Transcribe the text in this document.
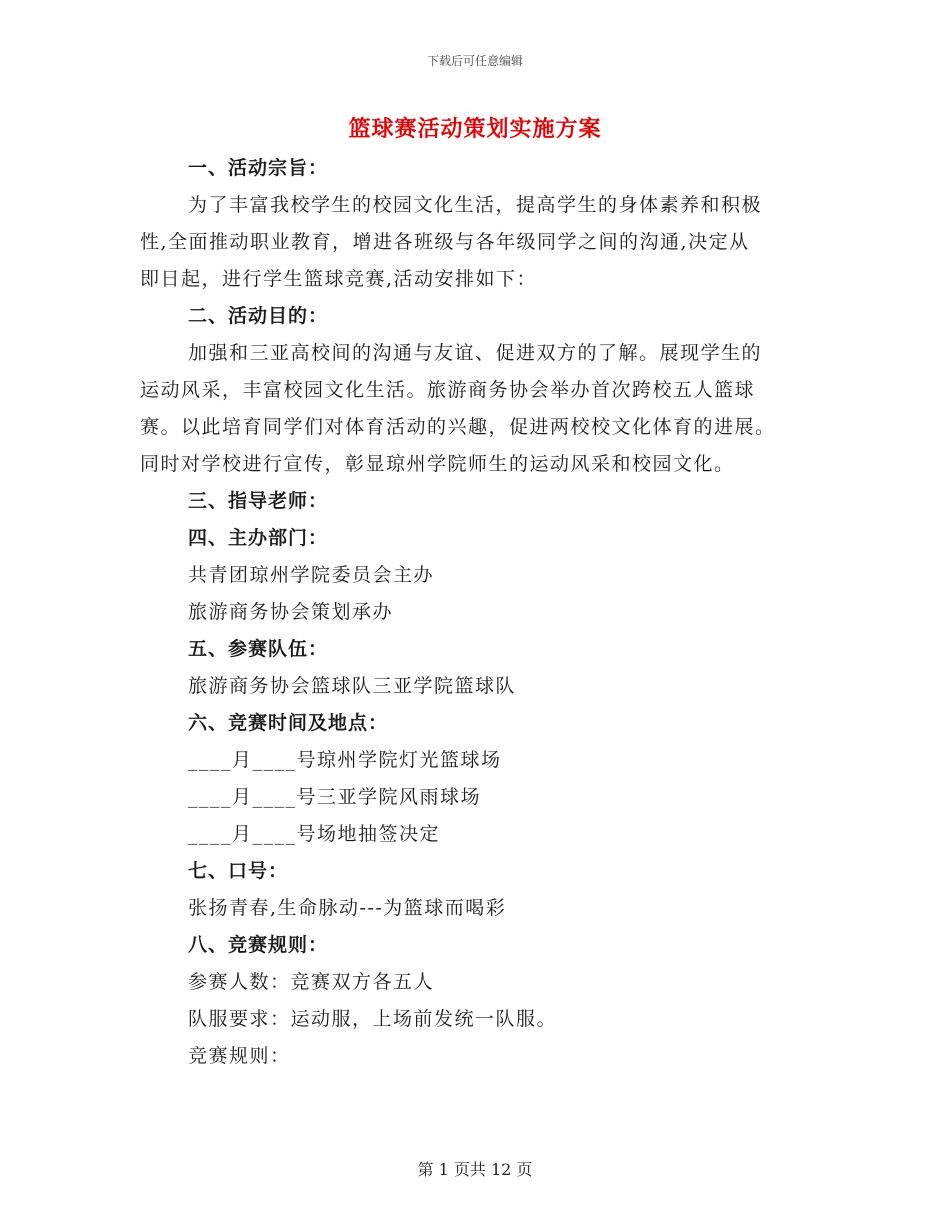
下载后可任意编辑
篮球赛活动策划实施方案
一、活动宗旨：
为了丰富我校学生的校园文化生活，提高学生的身体素养和积极
性,全面推动职业教育，增进各班级与各年级同学之间的沟通,决定从
即日起，进行学生篮球竞赛,活动安排如下：
二、活动目的：
加强和三亚高校间的沟通与友谊、促进双方的了解。展现学生的
运动风采，丰富校园文化生活。旅游商务协会举办首次跨校五人篮球
赛。以此培育同学们对体育活动的兴趣，促进两校校文化体育的进展。
同时对学校进行宣传，彰显琼州学院师生的运动风采和校园文化。
三、指导老师：
四、主办部门：
共青团琼州学院委员会主办
旅游商务协会策划承办
五、参赛队伍：
旅游商务协会篮球队三亚学院篮球队
六、竞赛时间及地点：
____月____号琼州学院灯光篮球场
____月____号三亚学院风雨球场
____月____号场地抽签决定
七、口号：
张扬青春,生命脉动---为篮球而喝彩
八、竞赛规则：
参赛人数：竞赛双方各五人
队服要求：运动服，上场前发统一队服。
竞赛规则：
第 1 页共 12 页
